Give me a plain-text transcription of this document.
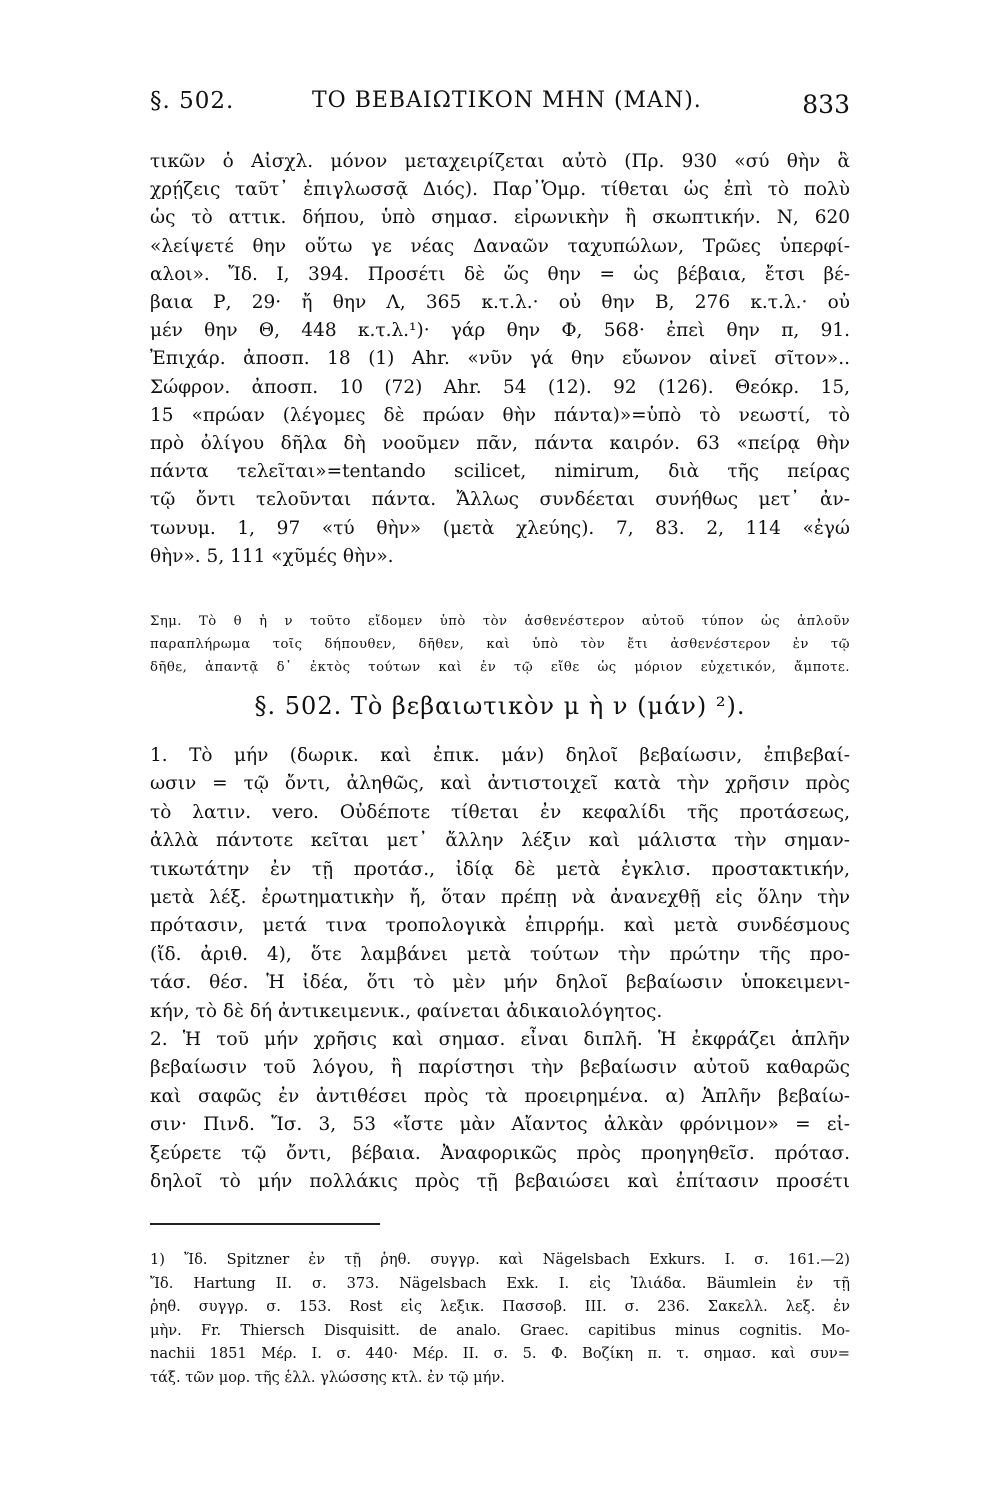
§. 502.	ΤΟ ΒΕΒΑΙΩΤΙΚΟΝ ΜΗΝ (ΜΑΝ).	833
τικῶν ὁ Αἰσχλ. μόνον μεταχειρίζεται αὐτὸ (Πρ. 930 «σύ θὴν ἃ
χρῄζεις ταῦτ᾽ ἐπιγλωσσᾷ Διός). Παρ᾽Ὁμρ. τίθεται ὡς ἐπὶ τὸ πολὺ
ὡς τὸ αττικ. δήπου, ὑπὸ σημασ. εἰρωνικὴν ἢ σκωπτικήν. Ν, 620
«λείψετέ θην οὕτω γε νέας Δαναῶν ταχυπώλων, Τρῶες ὑπερφί-
αλοι». Ἴδ. Ι, 394. Προσέτι δὲ ὥς θην = ὡς βέβαια, ἔτσι βέ-
βαια Ρ, 29· ἤ θην Λ, 365 κ.τ.λ.· οὐ θην Β, 276 κ.τ.λ.· οὐ
μέν θην Θ, 448 κ.τ.λ.¹)· γάρ θην Φ, 568· ἐπεὶ θην π, 91.
Ἐπιχάρ. ἀποσπ. 18 (1) Ahr. «νῦν γά θην εὔωνον αἰνεῖ σῖτον»..
Σώφρον. ἀποσπ. 10 (72) Ahr. 54 (12). 92 (126). Θεόκρ. 15,
15 «πρώαν (λέγομες δὲ πρώαν θὴν πάντα)»=ὑπὸ τὸ νεωστί, τὸ
πρὸ ὀλίγου δῆλα δὴ νοοῦμεν πᾶν, πάντα καιρόν. 63 «πείρᾳ θὴν
πάντα τελεῖται»=tentando scilicet, nimirum, διὰ τῆς πείρας
τῷ ὄντι τελοῦνται πάντα. Ἄλλως συνδέεται συνήθως μετ᾽ ἀν-
τωνυμ. 1, 97 «τύ θὴν» (μετὰ χλεύης). 7, 83. 2, 114 «ἐγώ
θὴν». 5, 111 «χῦμές θὴν».
Σημ. Τὸ θ ἡ ν τοῦτο εἴδομεν ὑπὸ τὸν ἀσθενέστερον αὐτοῦ τύπον ὡς ἁπλοῦν
παραπλήρωμα τοῖς δήπουθεν, δῆθεν, καὶ ὑπὸ τὸν ἔτι ἀσθενέστερον ἐν τῷ
δῆθε, ἀπαντᾷ δ᾽ ἐκτὸς τούτων καὶ ἐν τῷ εἴθε ὡς μόριον εὐχετικόν, ἄμποτε.
§. 502. Τὸ βεβαιωτικὸν μ ὴ ν (μάν) ²).
1. Τὸ μήν (δωρικ. καὶ ἐπικ. μάν) δηλοῖ βεβαίωσιν, ἐπιβεβαί-
ωσιν = τῷ ὄντι, ἀληθῶς, καὶ ἀντιστοιχεῖ κατὰ τὴν χρῆσιν πρὸς
τὸ λατιν. vero. Οὐδέποτε τίθεται ἐν κεφαλίδι τῆς προτάσεως,
ἀλλὰ πάντοτε κεῖται μετ᾽ ἄλλην λέξιν καὶ μάλιστα τὴν σημαν-
τικωτάτην ἐν τῇ προτάσ., ἰδίᾳ δὲ μετὰ ἐγκλισ. προστακτικήν,
μετὰ λέξ. ἐρωτηματικὴν ἤ, ὅταν πρέπῃ νὰ ἀνανεχθῇ εἰς ὅλην τὴν
πρότασιν, μετά τινα τροπολογικὰ ἐπιρρήμ. καὶ μετὰ συνδέσμους
(ἴδ. ἀριθ. 4), ὅτε λαμβάνει μετὰ τούτων τὴν πρώτην τῆς προ-
τάσ. θέσ. Ἡ ἰδέα, ὅτι τὸ μὲν μήν δηλοῖ βεβαίωσιν ὑποκειμενι-
κήν, τὸ δὲ δή ἀντικειμενικ., φαίνεται ἀδικαιολόγητος.
2. Ἡ τοῦ μήν χρῆσις καὶ σημασ. εἶναι διπλῆ. Ἡ ἐκφράζει ἁπλῆν
βεβαίωσιν τοῦ λόγου, ἢ παρίστησι τὴν βεβαίωσιν αὐτοῦ καθαρῶς
καὶ σαφῶς ἐν ἀντιθέσει πρὸς τὰ προειρημένα. α) Ἁπλῆν βεβαίω-
σιν· Πινδ. Ἴσ. 3, 53 «ἴστε μὰν Αἴαντος ἀλκὰν φρόνιμον» = εἰ-
ξεύρετε τῷ ὄντι, βέβαια. Ἀναφορικῶς πρὸς προηγηθεῖσ. πρότασ.
δηλοῖ τὸ μήν πολλάκις πρὸς τῇ βεβαιώσει καὶ ἐπίτασιν προσέτι
1) Ἴδ. Spitzner ἐν τῇ ῥηθ. συγγρ. καὶ Nägelsbach Exkurs. I. σ. 161.—2)
Ἴδ. Hartung II. σ. 373. Nägelsbach Exk. I. εἰς Ἰλιάδα. Bäumlein ἐν τῇ
ῥηθ. συγγρ. σ. 153. Rost εἰς λεξικ. Πασσοβ. III. σ. 236. Σακελλ. λεξ. ἐν
μὴν. Fr. Thiersch Disquisitt. de analo. Graec. capitibus minus cognitis. Mo-
nachii 1851 Μέρ. I. σ. 440· Μέρ. II. σ. 5. Φ. Βοζίκη π. τ. σημασ. καὶ συν=
τάξ. τῶν μορ. τῆς ἑλλ. γλώσσης κτλ. ἐν τῷ μήν.
